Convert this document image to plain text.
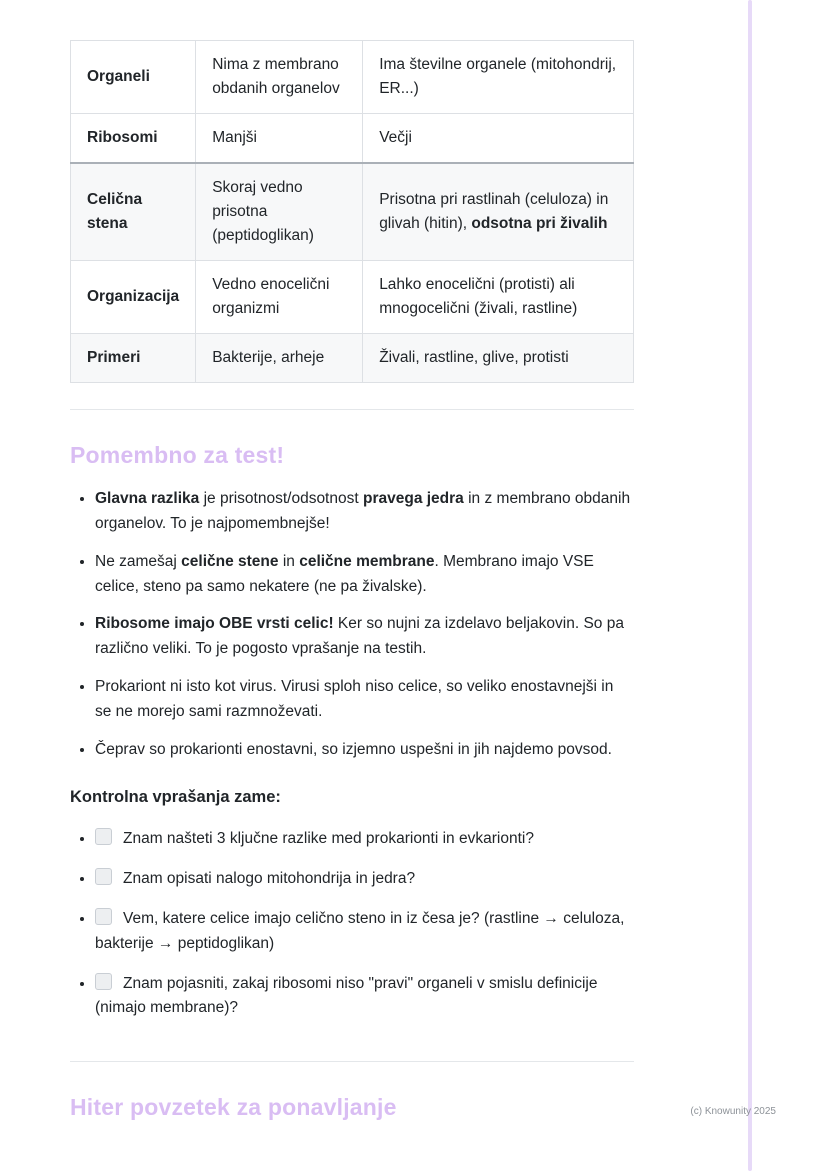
Organeli	Nima z membrano obdanih organelov	Ima številne organele (mitohondrij, ER...)
Ribosomi	Manjši	Večji
Celična stena	Skoraj vedno prisotna (peptidoglikan)	Prisotna pri rastlinah (celuloza) in glivah (hitin), odsotna pri živalih
Organizacija	Vedno enocelični organizmi	Lahko enocelični (protisti) ali mnogocelični (živali, rastline)
Primeri	Bakterije, arheje	Živali, rastline, glive, protisti
Pomembno za test!
• Glavna razlika je prisotnost/odsotnost pravega jedra in z membrano obdanih organelov. To je najpomembnejše!
• Ne zamešaj celične stene in celične membrane. Membrano imajo VSE celice, steno pa samo nekatere (ne pa živalske).
• Ribosome imajo OBE vrsti celic! Ker so nujni za izdelavo beljakovin. So pa različno veliki. To je pogosto vprašanje na testih.
• Prokariont ni isto kot virus. Virusi sploh niso celice, so veliko enostavnejši in se ne morejo sami razmnoževati.
• Čeprav so prokarionti enostavni, so izjemno uspešni in jih najdemo povsod.

Kontrolna vprašanja zame:

• Znam našteti 3 ključne razlike med prokarionti in evkarionti?
• Znam opisati nalogo mitohondrija in jedra?
• Vem, katere celice imajo celično steno in iz česa je? (rastline → celuloza, bakterije → peptidoglikan)
• Znam pojasniti, zakaj ribosomi niso "pravi" organeli v smislu definicije (nimajo membrane)?
Hiter povzetek za ponavljanje	(c) Knowunity 2025
